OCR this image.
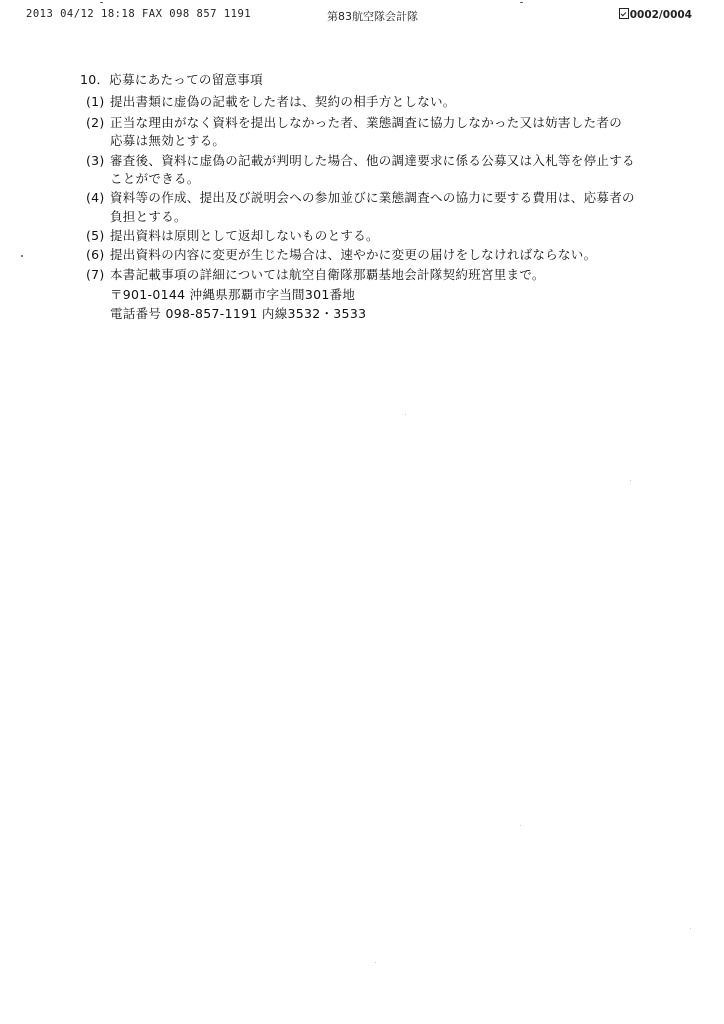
2013 04/12 18:18 FAX 098 857 1191	第83航空隊会計隊	0002/0004
10．応募にあたっての留意事項
(1) 提出書類に虚偽の記載をした者は、契約の相手方としない。
(2) 正当な理由がなく資料を提出しなかった者、業態調査に協力しなかった又は妨害した者の
応募は無効とする。
(3) 審査後、資料に虚偽の記載が判明した場合、他の調達要求に係る公募又は入札等を停止する
ことができる。
(4) 資料等の作成、提出及び説明会への参加並びに業態調査への協力に要する費用は、応募者の
負担とする。
(5) 提出資料は原則として返却しないものとする。
(6) 提出資料の内容に変更が生じた場合は、速やかに変更の届けをしなければならない。
(7) 本書記載事項の詳細については航空自衛隊那覇基地会計隊契約班宮里まで。
〒901-0144 沖縄県那覇市字当間301番地
電話番号 098-857-1191 内線3532・3533
